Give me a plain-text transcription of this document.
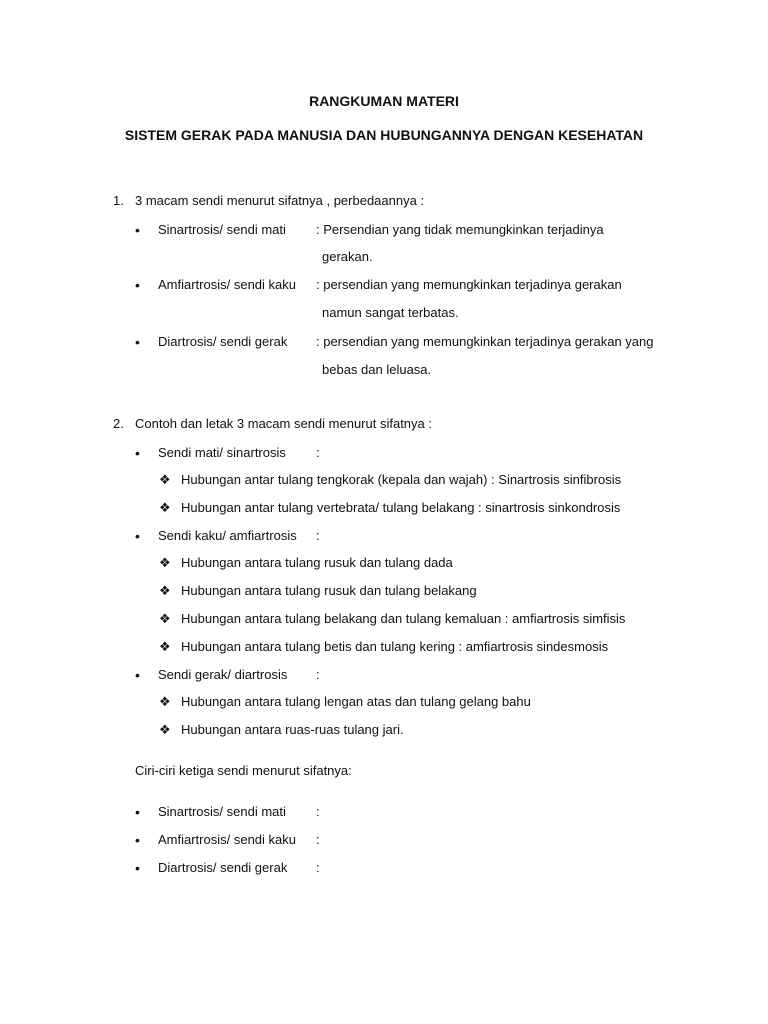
RANGKUMAN MATERI
SISTEM GERAK PADA MANUSIA DAN HUBUNGANNYA DENGAN KESEHATAN
1. 3 macam sendi menurut sifatnya , perbedaannya :
• Sinartrosis/ sendi mati : Persendian yang tidak memungkinkan terjadinya
gerakan.
• Amfiartrosis/ sendi kaku : persendian yang memungkinkan terjadinya gerakan
namun sangat terbatas.
• Diartrosis/ sendi gerak : persendian yang memungkinkan terjadinya gerakan yang
bebas dan leluasa.
2. Contoh dan letak 3 macam sendi menurut sifatnya :
• Sendi mati/ sinartrosis :
❖ Hubungan antar tulang tengkorak (kepala dan wajah) : Sinartrosis sinfibrosis
❖ Hubungan antar tulang vertebrata/ tulang belakang : sinartrosis sinkondrosis
• Sendi kaku/ amfiartrosis :
❖ Hubungan antara tulang rusuk dan tulang dada
❖ Hubungan antara tulang rusuk dan tulang belakang
❖ Hubungan antara tulang belakang dan tulang kemaluan : amfiartrosis simfisis
❖ Hubungan antara tulang betis dan tulang kering : amfiartrosis sindesmosis
• Sendi gerak/ diartrosis :
❖ Hubungan antara tulang lengan atas dan tulang gelang bahu
❖ Hubungan antara ruas-ruas tulang jari.
Ciri-ciri ketiga sendi menurut sifatnya:
• Sinartrosis/ sendi mati :
• Amfiartrosis/ sendi kaku :
• Diartrosis/ sendi gerak :
